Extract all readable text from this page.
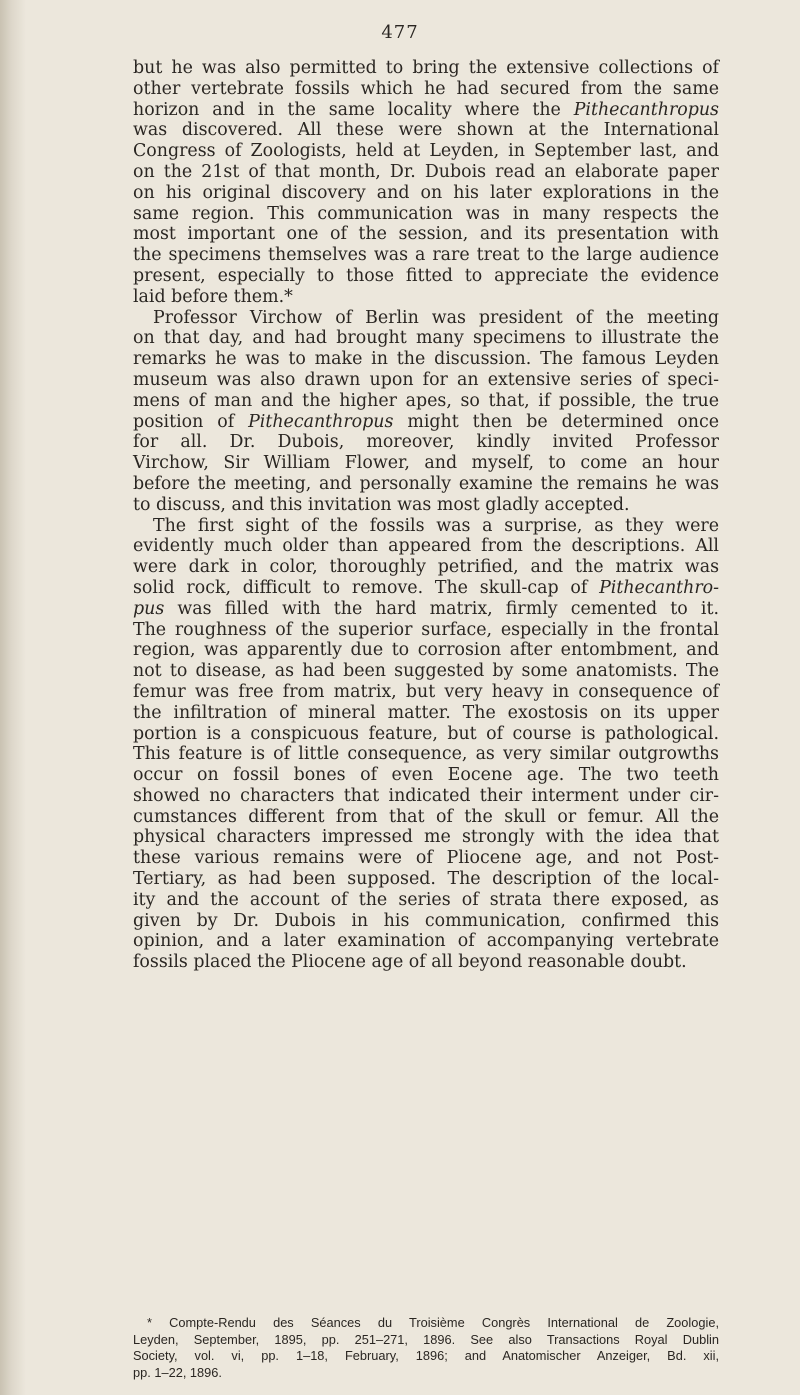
477
but he was also permitted to bring the extensive collections of
other vertebrate fossils which he had secured from the same
horizon and in the same locality where the Pithecanthropus
was discovered. All these were shown at the International
Congress of Zoologists, held at Leyden, in September last, and
on the 21st of that month, Dr. Dubois read an elaborate paper
on his original discovery and on his later explorations in the
same region. This communication was in many respects the
most important one of the session, and its presentation with
the specimens themselves was a rare treat to the large audience
present, especially to those fitted to appreciate the evidence
laid before them.*
Professor Virchow of Berlin was president of the meeting
on that day, and had brought many specimens to illustrate the
remarks he was to make in the discussion. The famous Leyden
museum was also drawn upon for an extensive series of speci-
mens of man and the higher apes, so that, if possible, the true
position of Pithecanthropus might then be determined once
for all. Dr. Dubois, moreover, kindly invited Professor
Virchow, Sir William Flower, and myself, to come an hour
before the meeting, and personally examine the remains he was
to discuss, and this invitation was most gladly accepted.
The first sight of the fossils was a surprise, as they were
evidently much older than appeared from the descriptions. All
were dark in color, thoroughly petrified, and the matrix was
solid rock, difficult to remove. The skull-cap of Pithecanthro-
pus was filled with the hard matrix, firmly cemented to it.
The roughness of the superior surface, especially in the frontal
region, was apparently due to corrosion after entombment, and
not to disease, as had been suggested by some anatomists. The
femur was free from matrix, but very heavy in consequence of
the infiltration of mineral matter. The exostosis on its upper
portion is a conspicuous feature, but of course is pathological.
This feature is of little consequence, as very similar outgrowths
occur on fossil bones of even Eocene age. The two teeth
showed no characters that indicated their interment under cir-
cumstances different from that of the skull or femur. All the
physical characters impressed me strongly with the idea that
these various remains were of Pliocene age, and not Post-
Tertiary, as had been supposed. The description of the local-
ity and the account of the series of strata there exposed, as
given by Dr. Dubois in his communication, confirmed this
opinion, and a later examination of accompanying vertebrate
fossils placed the Pliocene age of all beyond reasonable doubt.
* Compte-Rendu des Séances du Troisième Congrès International de Zoologie,
Leyden, September, 1895, pp. 251–271, 1896. See also Transactions Royal Dublin
Society, vol. vi, pp. 1–18, February, 1896; and Anatomischer Anzeiger, Bd. xii,
pp. 1–22, 1896.
